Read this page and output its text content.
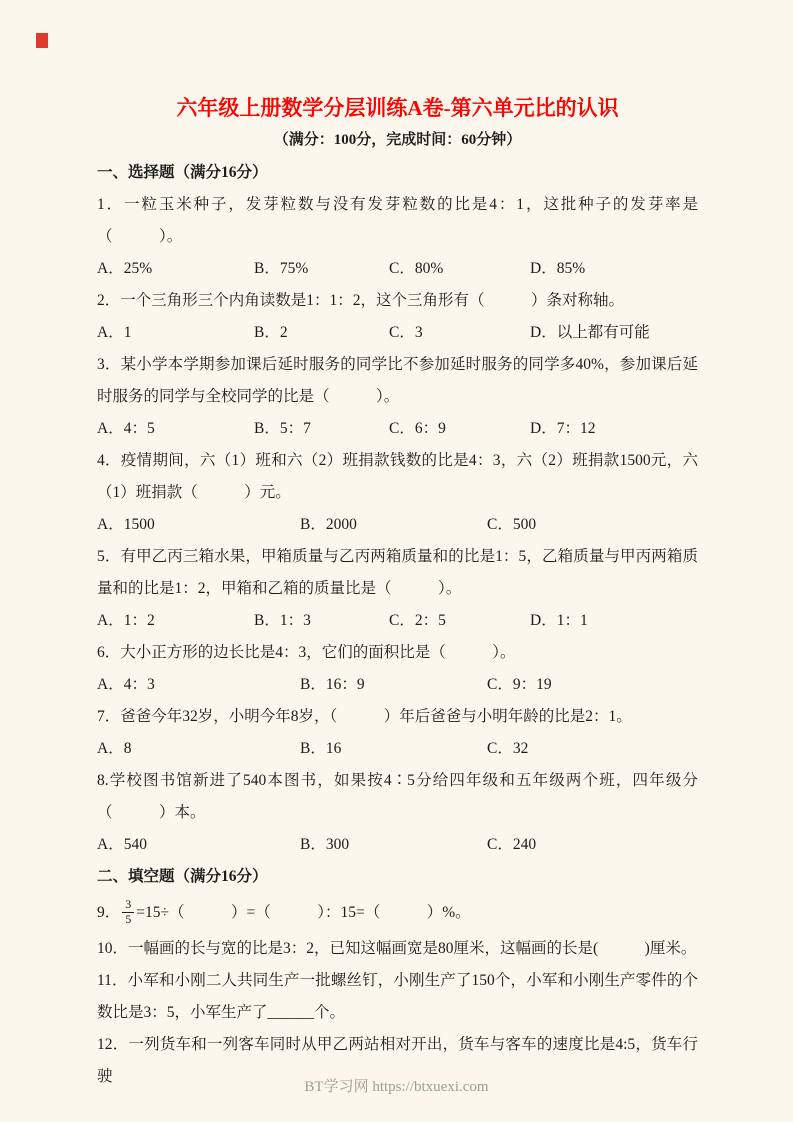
六年级上册数学分层训练A卷-第六单元比的认识
（满分：100分，完成时间：60分钟）
一、选择题（满分16分）

1．一粒玉米种子，发芽粒数与没有发芽粒数的比是4：1，这批种子的发芽率是（　　　）。

A．25%	B．75%	C．80%	D．85%

2．一个三角形三个内角读数是1：1：2，这个三角形有（　　　）条对称轴。

A．1	B．2	C．3	D．以上都有可能

3．某小学本学期参加课后延时服务的同学比不参加延时服务的同学多40%，参加课后延时服务的同学与全校同学的比是（　　　）。

A．4：5	B．5：7	C．6：9	D．7：12

4．疫情期间，六（1）班和六（2）班捐款钱数的比是4：3，六（2）班捐款1500元，六（1）班捐款（　　　）元。

A．1500	B．2000	C．500

5．有甲乙丙三箱水果，甲箱质量与乙丙两箱质量和的比是1：5，乙箱质量与甲丙两箱质量和的比是1：2，甲箱和乙箱的质量比是（　　　）。

A．1：2	B．1：3	C．2：5	D．1：1

6．大小正方形的边长比是4：3，它们的面积比是（　　　）。

A．4：3	B．16：9	C．9：19

7．爸爸今年32岁，小明今年8岁，（　　　）年后爸爸与小明年龄的比是2：1。

A．8	B．16	C．32

8.学校图书馆新进了540本图书，如果按4∶5分给四年级和五年级两个班，四年级分（　　　）本。

A．540	B．300	C．240
二、填空题（满分16分）

9． $\frac{3}{5} =15\div$（　　　）=（　　　）：15=（　　　）%。

10．一幅画的长与宽的比是3：2，已知这幅画宽是80厘米，这幅画的长是(　　　)厘米。

11．小军和小刚二人共同生产一批螺丝钉，小刚生产了150个，小军和小刚生产零件的个数比是3：5，小军生产了______个。

12．一列货车和一列客车同时从甲乙两站相对开出，货车与客车的速度比是4:5，货车行驶

BT学习网 https://btxuexi.com
